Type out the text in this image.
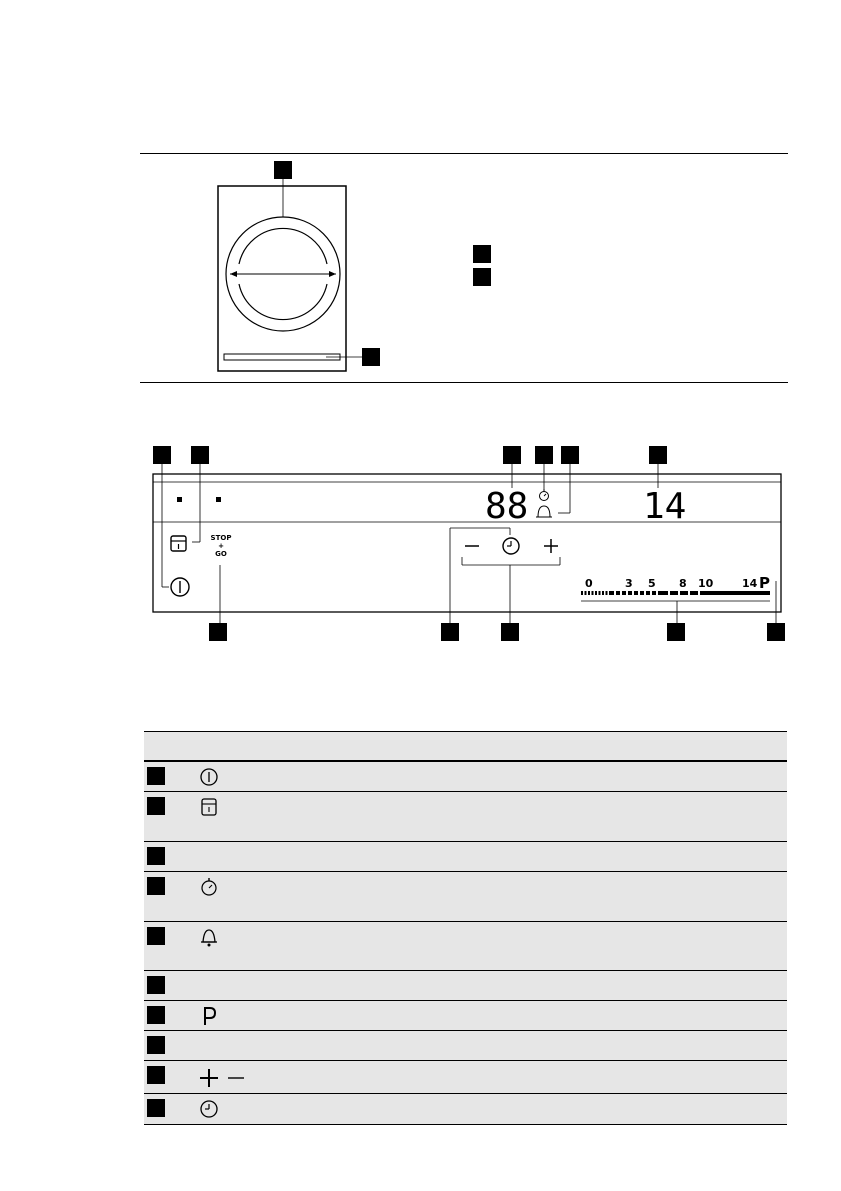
88	14
STOP
+
GO
0	3 5 8 10	14 P
